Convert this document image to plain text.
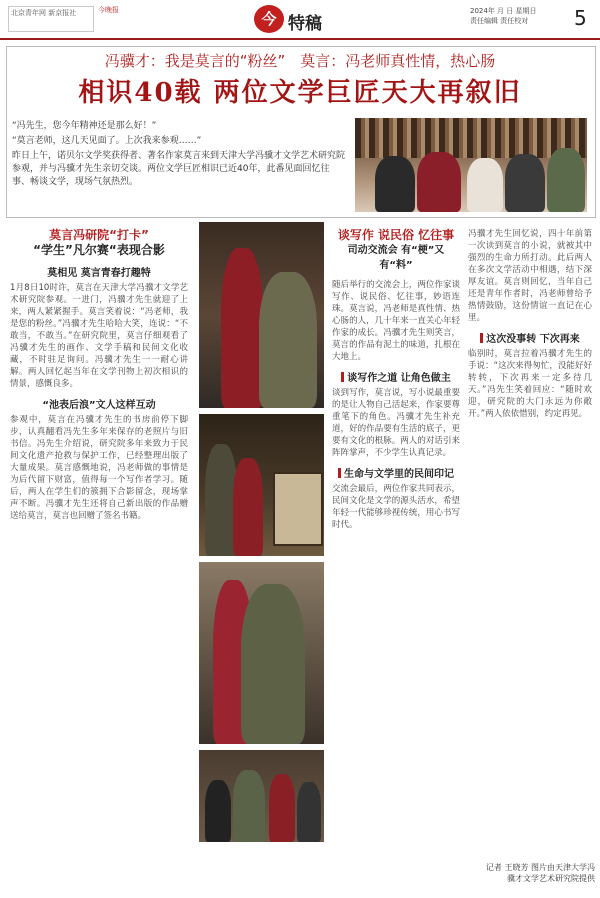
北京青年网 新京报社	今晚报	今 特稿
2024年 月 日 星期日
责任编辑 责任校对	5
冯骥才：我是莫言的“粉丝”　莫言：冯老师真性情，热心肠
相识40载 两位文学巨匠天大再叙旧

“冯先生，您今年精神还是那么好！”

“莫言老师，这几天见面了。上次我来参观……”

昨日上午，诺贝尔文学奖获得者、著名作家莫言来到天津大学冯骥才文学艺术研究院参观，并与冯骥才先生亲切交谈。两位文学巨匠相识已近40年，此番见面回忆往事、畅谈文学，现场气氛热烈。

莫言冯研院“打卡”
“学生”凡尔赛“表现合影
莫相见 莫言青春打趣特
1月8日10时许，莫言在天津大学冯骥才文学艺术研究院参观。一进门，冯骥才先生就迎了上来，两人紧紧握手。莫言笑着说：“冯老师，我是您的粉丝。”冯骥才先生哈哈大笑，连说：“不敢当，不敢当。”在研究院里，莫言仔细观看了冯骥才先生的画作、文学手稿和民间文化收藏，不时驻足询问。冯骥才先生一一耐心讲解。两人回忆起当年在文学刊物上初次相识的情景，感慨良多。
“池表后浪”文人这样互动
参观中，莫言在冯骥才先生的书房前停下脚步，认真翻看冯先生多年来保存的老照片与旧书信。冯先生介绍说，研究院多年来致力于民间文化遗产抢救与保护工作，已经整理出版了大量成果。莫言感慨地说，冯老师做的事情是为后代留下财富，值得每一个写作者学习。随后，两人在学生们的簇拥下合影留念，现场掌声不断。冯骥才先生还将自己新出版的作品赠送给莫言，莫言也回赠了签名书籍。
谈写作 说民俗 忆往事
司动交流会 有“梗”又有“料”
随后举行的交流会上，两位作家谈写作、说民俗、忆往事，妙语连珠。莫言说，冯老师是真性情、热心肠的人，几十年来一直关心年轻作家的成长。冯骥才先生则笑言，莫言的作品有泥土的味道，扎根在大地上。
谈写作之道 让角色做主
谈到写作，莫言说，写小说最重要的是让人物自己活起来，作家要尊重笔下的角色。冯骥才先生补充道，好的作品要有生活的底子，更要有文化的根脉。两人的对话引来阵阵掌声，不少学生认真记录。
生命与文学里的民间印记
交流会最后，两位作家共同表示，民间文化是文学的源头活水，希望年轻一代能够珍视传统，用心书写时代。
冯骥才先生回忆说，四十年前第一次读到莫言的小说，就被其中强烈的生命力所打动。此后两人在多次文学活动中相遇，结下深厚友谊。莫言则回忆，当年自己还是青年作者时，冯老师曾给予热情鼓励，这份情谊一直记在心里。
这次没事转 下次再来
临别时，莫言拉着冯骥才先生的手说：“这次来得匆忙，没能好好转转，下次再来一定多待几天。”冯先生笑着回应：“随时欢迎，研究院的大门永远为你敞开。”两人依依惜别，约定再见。
记者 王晓芳 图片由天津大学冯骥才文学艺术研究院提供
